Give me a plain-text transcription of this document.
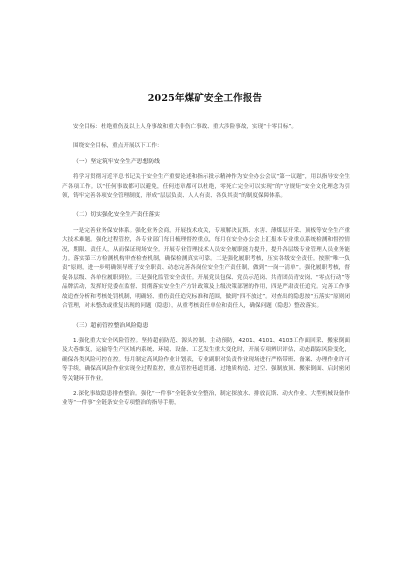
2025年煤矿安全工作报告

安全目标：杜绝重伤及以上人身事故和重大非伤亡事故、重大涉险事故，实现“十零目标”。

围绕安全目标，重点开展以下工作：

（一）坚定筑牢安全生产思想防线

将学习贯彻习近平总书记关于安全生产重要论述和指示批示精神作为安全办公会议“第一议题”，用以指导安全生产各项工作。以“任何事故都可以避免，任何违章都可以杜绝，零死亡完全可以实现”的“守规矩”安全文化理念为引领，铸牢完善各项安全管理制度，形成“层层负责、人人有责、各负其责”的制度保障体系。

（二）切实强化安全生产责任落实

一是完善业务保安体系。强化业务会商，开展技术攻关，专项解决瓦斯、水害、薄煤层开采、顶板等安全生产重大技术难题。强化过程管控，各专业部门每日梳理督控重点，每月在安全办公会上汇报本专业重点系统检测和督控情况，期限、责任人，从而保证现场安全。开展专业管理技术人员安全履职能力提升，提升各层级专业管理人员业务能力。落实第三方检测机构审查检查机制，确保检测真实可靠。二是强化履职考核，压实各级安全责任。按照“唯一负责”原则，进一步明确领导班子安全职责、动态完善各岗位安全生产责任制，做到“一岗一清单”。强化履职考核，督促各层级、各单位履职到位。三是强化监管安全责任。开展党员包保、党员示范岗、共青团员青安岗、“零点行动”等品牌活动，发挥好党委在监督、贯彻落实安全生产方针政策及上级决策部署的作用，四是严肃责任追究。完善工作事故追查分析和考核处罚机制，明确轻、重伤责任追究标准和范围，做到“四不放过”。对查出的隐患按“五落实”原则闭合管理，对未整改或重复出现的问题（隐患），从重考核责任单位和责任人，确保问题（隐患）整改落实。

（三）超前管控整治风险隐患

1.强化重大安全风险管控。坚持超前防范、源头控制、主动预防，4201、4101、4103工作面回采、搬家倒面及大巷维复，运输等生产区域内系统、环境、设备、工艺发生重大变化时，开展专项辨识评估，动态跟踪风险变化，确保各类风险可控在控。每月制定高风险作业计划表，专业副职对负责作业现场进行严格带班、备案、办理作业许可等手续，确保高风险作业实现全过程监控，重点管控巷道贯通、过地质构造、过空、强制放顶、搬家倒面、启封密闭等关键环节作业。

2.深化事故隐患排查整治。强化“一件事”全链条安全整治，制定探放水、排放瓦斯、动火作业、大型机械设备作业等“一件事”全链条安全专项整治的指导手册，
